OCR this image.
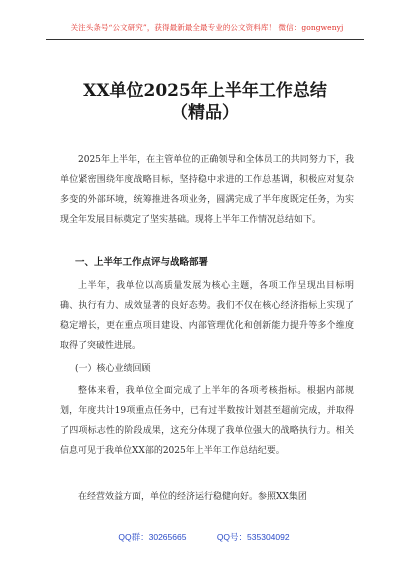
关注头条号“公文研究”，获得最新最全最专业的公文资料库！ 微信：gongwenyj
XX单位2025年上半年工作总结
（精品）
2025年上半年，在主管单位的正确领导和全体员工的共同努力下，我单位紧密围绕年度战略目标，坚持稳中求进的工作总基调，积极应对复杂多变的外部环境，统筹推进各项业务，圆满完成了半年度既定任务，为实现全年发展目标奠定了坚实基础。现将上半年工作情况总结如下。
一、上半年工作点评与战略部署
上半年，我单位以高质量发展为核心主题，各项工作呈现出目标明确、执行有力、成效显著的良好态势。我们不仅在核心经济指标上实现了稳定增长，更在重点项目建设、内部管理优化和创新能力提升等多个维度取得了突破性进展。
(一）核心业绩回顾
整体来看，我单位全面完成了上半年的各项考核指标。根据内部规划，年度共计19项重点任务中，已有过半数按计划甚至超前完成，并取得了四项标志性的阶段成果，这充分体现了我单位强大的战略执行力。相关信息可见于我单位XX部的2025年上半年工作总结纪要。
在经营效益方面，单位的经济运行稳健向好。参照XX集团
QQ群：30265665	QQ号：535304092
